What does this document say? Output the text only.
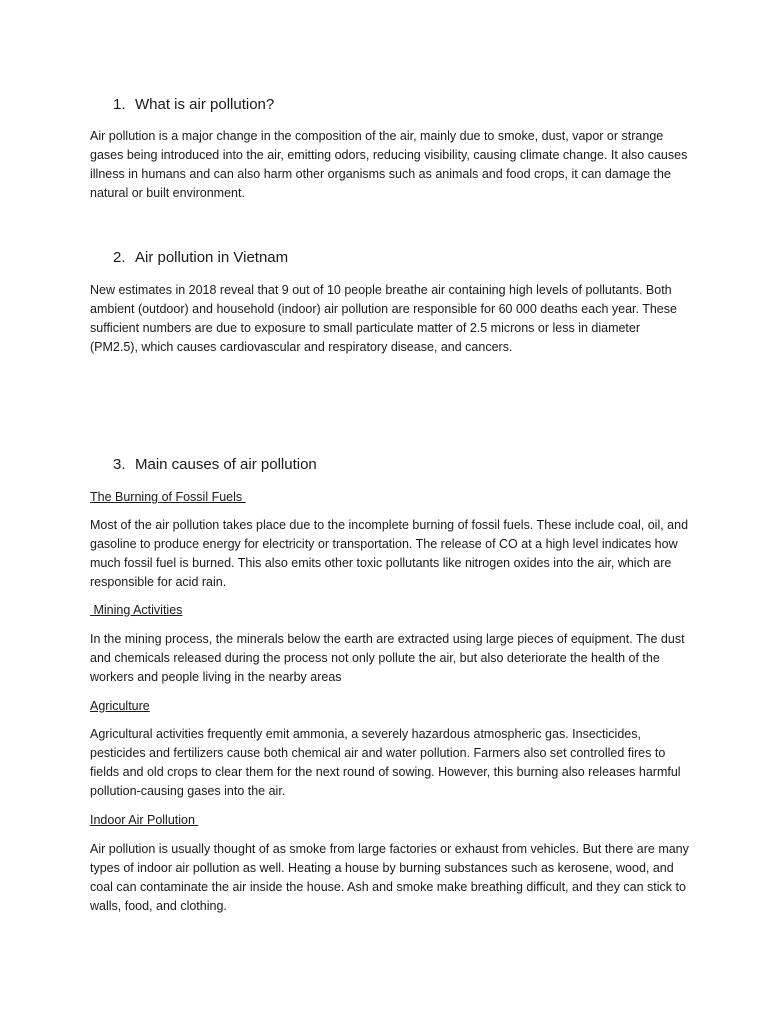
1. What is air pollution?

Air pollution is a major change in the composition of the air, mainly due to smoke, dust, vapor or strange gases being introduced into the air, emitting odors, reducing visibility, causing climate change. It also causes illness in humans and can also harm other organisms such as animals and food crops, it can damage the natural or built environment.

2. Air pollution in Vietnam

New estimates in 2018 reveal that 9 out of 10 people breathe air containing high levels of pollutants. Both ambient (outdoor) and household (indoor) air pollution are responsible for 60 000 deaths each year. These sufficient numbers are due to exposure to small particulate matter of 2.5 microns or less in diameter (PM2.5), which causes cardiovascular and respiratory disease, and cancers.

3. Main causes of air pollution
The Burning of Fossil Fuels

Most of the air pollution takes place due to the incomplete burning of fossil fuels. These include coal, oil, and gasoline to produce energy for electricity or transportation. The release of CO at a high level indicates how much fossil fuel is burned. This also emits other toxic pollutants like nitrogen oxides into the air, which are responsible for acid rain.

Mining Activities

In the mining process, the minerals below the earth are extracted using large pieces of equipment. The dust and chemicals released during the process not only pollute the air, but also deteriorate the health of the workers and people living in the nearby areas

Agriculture

Agricultural activities frequently emit ammonia, a severely hazardous atmospheric gas. Insecticides, pesticides and fertilizers cause both chemical air and water pollution. Farmers also set controlled fires to fields and old crops to clear them for the next round of sowing. However, this burning also releases harmful pollution-causing gases into the air.

Indoor Air Pollution

Air pollution is usually thought of as smoke from large factories or exhaust from vehicles. But there are many types of indoor air pollution as well. Heating a house by burning substances such as kerosene, wood, and coal can contaminate the air inside the house. Ash and smoke make breathing difficult, and they can stick to walls, food, and clothing.
